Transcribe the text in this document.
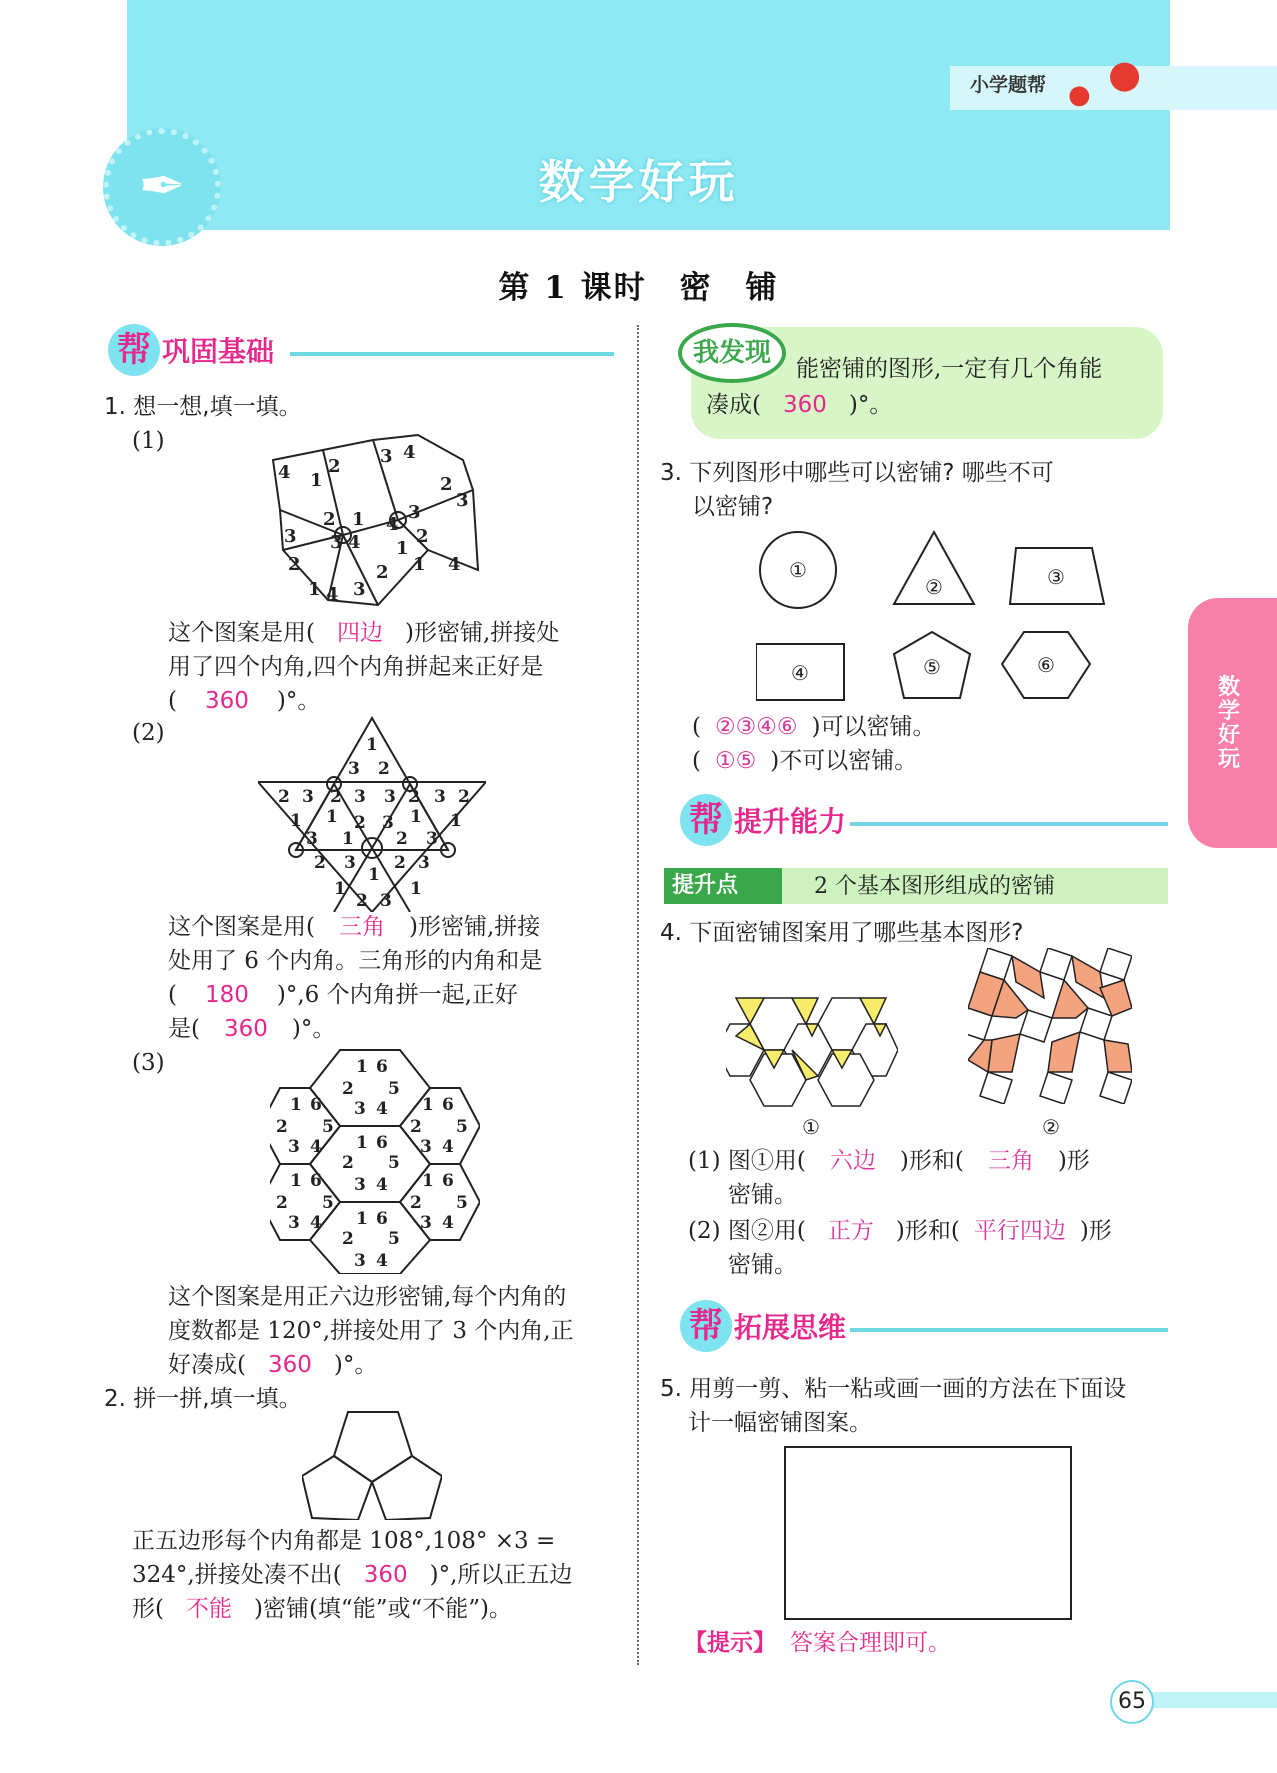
✒
小学题帮 ●
●
数学好玩
第 1 课时　密　铺
帮 巩固基础
1. 想一想,填一填。
(1)
4 1
2 3 4
2
2 1 4
3
3
3 3 4	2
1
2	2 1 4
1 4 3
这个图案是用( 四边 )形密铺,拼接处
用了四个内角,四个内角拼起来正好是
( 360 )°。
(2)	1
3 2
2 3 2 3 3 2 3 2
1 1 2 3 1 1
3 1 2 3
2 3
1
2 3
1	1
2 3
这个图案是用( 三角 )形密铺,拼接
处用了 6 个内角。三角形的内角和是
( 180 )°,6 个内角拼一起,正好
是( 360 )°。
(3)	1 6
2 5
3 4
1 6
2 5
3 4
1 6
2 5
3 4
1 6
2 5
3 4
1 6
2 5
3 4
1 6
2 5
3 4
1 6
2 5
3 4
这个图案是用正六边形密铺,每个内角的
度数都是 120°,拼接处用了 3 个内角,正
好凑成( 360 )°。
2. 拼一拼,填一填。
正五边形每个内角都是 108°,108° ×3 =
324°,拼接处凑不出( 360 )°,所以正五边
形( 不能 )密铺(填“能”或“不能”)。
我发现
能密铺的图形,一定有几个角能
凑成( 360 )°。
3. 下列图形中哪些可以密铺? 哪些不可
以密铺?
①
②	③
④	⑤	⑥
( ②③④⑥ )可以密铺。
( ①⑤ )不可以密铺。
帮 提升能力
提升点	2 个基本图形组成的密铺
4. 下面密铺图案用了哪些基本图形?
①	②
(1) 图①用( 六边 )形和( 三角 )形
密铺。
(2) 图②用( 正方 )形和( 平行四边 )形
密铺。
帮 拓展思维
5. 用剪一剪、粘一粘或画一画的方法在下面设
计一幅密铺图案。
【提示】 答案合理即可。
数学好玩
65
